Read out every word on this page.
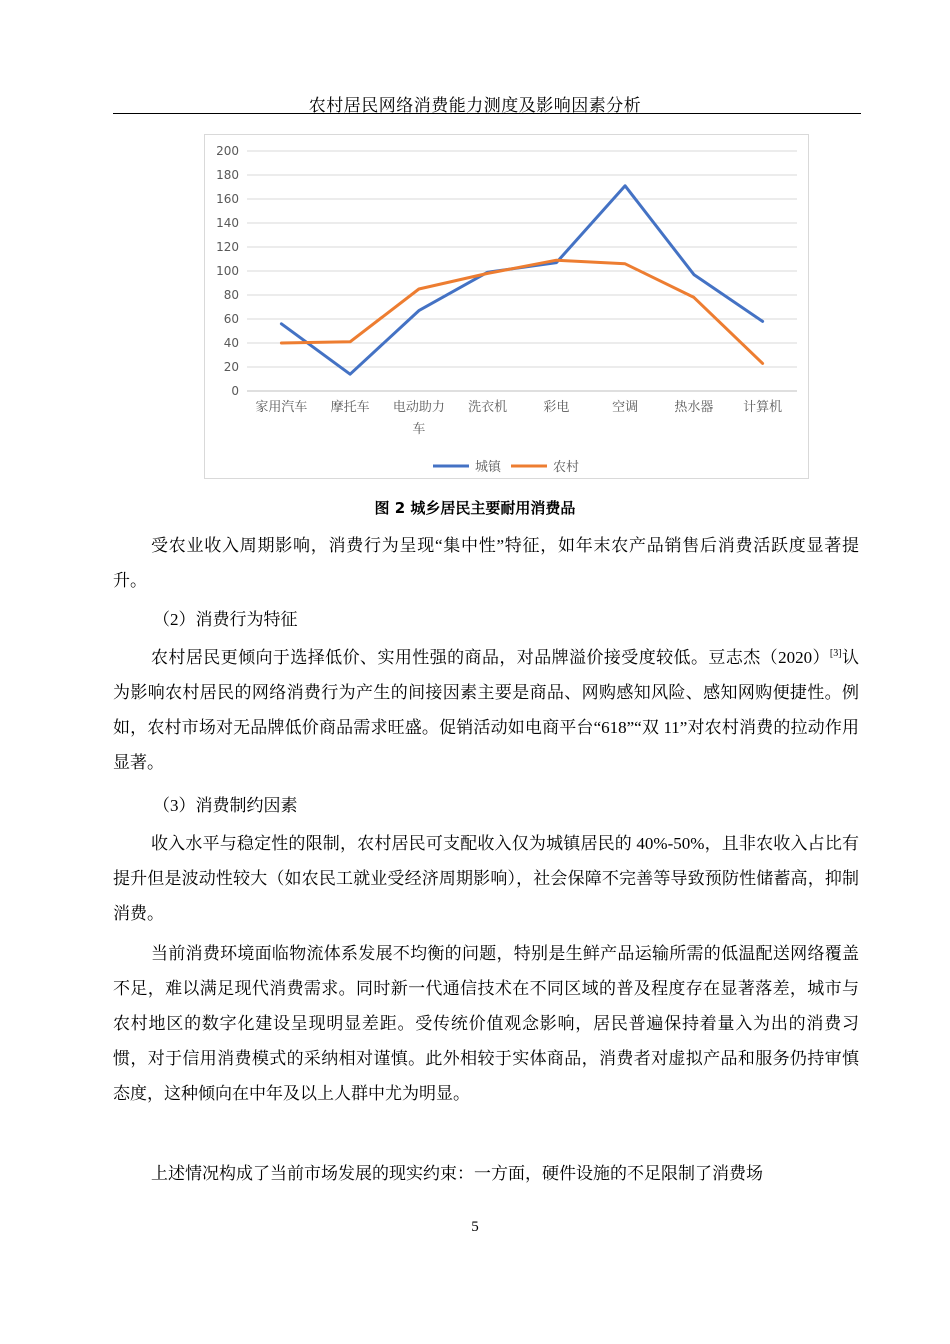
农村居民网络消费能力测度及影响因素分析
0
20
40
60
80
100
120
140
160
180
200
家用汽车 摩托车 电动助力
车
洗衣机	彩电	空调	热水器 计算机
城镇	农村
图 2 城乡居民主要耐用消费品

受农业收入周期影响，消费行为呈现“集中性”特征，如年末农产品销售后消费活跃度显著提升。

（2）消费行为特征

农村居民更倾向于选择低价、实用性强的商品，对品牌溢价接受度较低。豆志杰（2020）[3]认为影响农村居民的网络消费行为产生的间接因素主要是商品、网购感知风险、感知网购便捷性。例如，农村市场对无品牌低价商品需求旺盛。促销活动如电商平台“618”“双 11”对农村消费的拉动作用显著。

（3）消费制约因素

收入水平与稳定性的限制，农村居民可支配收入仅为城镇居民的 40%-50%，且非农收入占比有提升但是波动性较大（如农民工就业受经济周期影响），社会保障不完善等导致预防性储蓄高，抑制消费。

当前消费环境面临物流体系发展不均衡的问题，特别是生鲜产品运输所需的低温配送网络覆盖不足，难以满足现代消费需求。同时新一代通信技术在不同区域的普及程度存在显著落差，城市与农村地区的数字化建设呈现明显差距。受传统价值观念影响，居民普遍保持着量入为出的消费习惯，对于信用消费模式的采纳相对谨慎。此外相较于实体商品，消费者对虚拟产品和服务仍持审慎态度，这种倾向在中年及以上人群中尤为明显。

上述情况构成了当前市场发展的现实约束：一方面，硬件设施的不足限制了消费场

5
